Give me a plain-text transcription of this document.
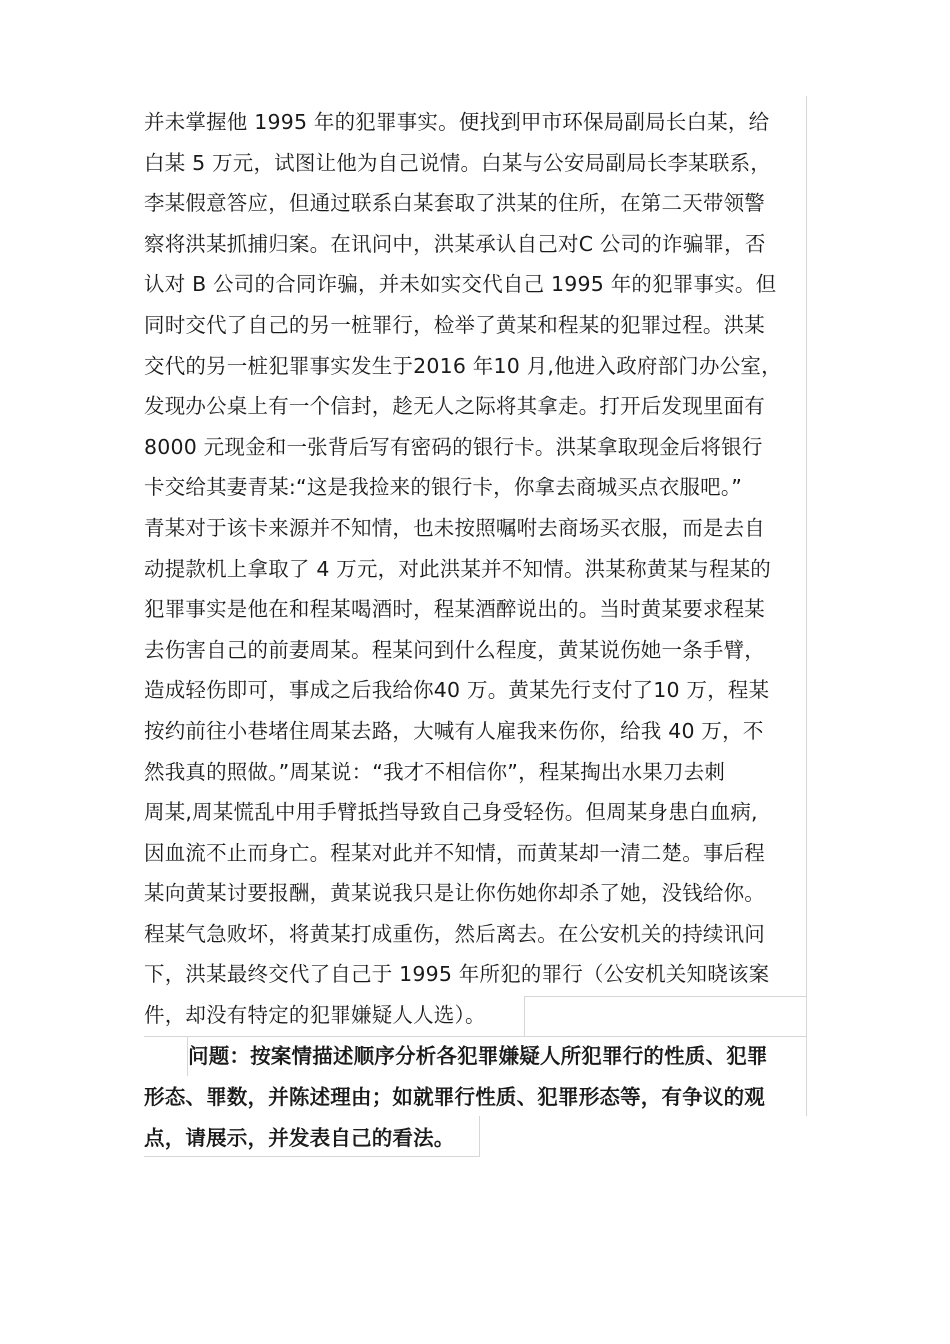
并未掌握他 1995 年的犯罪事实。便找到甲市环保局副局长白某，给
白某 5 万元，试图让他为自己说情。白某与公安局副局长李某联系，
李某假意答应，但通过联系白某套取了洪某的住所，在第二天带领警
察将洪某抓捕归案。在讯问中，洪某承认自己对C 公司的诈骗罪，否
认对 B 公司的合同诈骗，并未如实交代自己 1995 年的犯罪事实。但
同时交代了自己的另一桩罪行，检举了黄某和程某的犯罪过程。洪某
交代的另一桩犯罪事实发生于2016 年10 月,他进入政府部门办公室，
发现办公桌上有一个信封，趁无人之际将其拿走。打开后发现里面有
8000 元现金和一张背后写有密码的银行卡。洪某拿取现金后将银行
卡交给其妻青某:“这是我捡来的银行卡，你拿去商城买点衣服吧。”
青某对于该卡来源并不知情，也未按照嘱咐去商场买衣服，而是去自
动提款机上拿取了 4 万元，对此洪某并不知情。洪某称黄某与程某的
犯罪事实是他在和程某喝酒时，程某酒醉说出的。当时黄某要求程某
去伤害自己的前妻周某。程某问到什么程度，黄某说伤她一条手臂，
造成轻伤即可，事成之后我给你40 万。黄某先行支付了10 万，程某
按约前往小巷堵住周某去路，大喊有人雇我来伤你，给我 40 万，不
然我真的照做。”周某说：“我才不相信你”，程某掏出水果刀去刺
周某,周某慌乱中用手臂抵挡导致自己身受轻伤。但周某身患白血病,
因血流不止而身亡。程某对此并不知情，而黄某却一清二楚。事后程
某向黄某讨要报酬，黄某说我只是让你伤她你却杀了她，没钱给你。
程某气急败坏，将黄某打成重伤，然后离去。在公安机关的持续讯问
下，洪某最终交代了自己于 1995 年所犯的罪行（公安机关知晓该案
件，却没有特定的犯罪嫌疑人人选）。
问题：按案情描述顺序分析各犯罪嫌疑人所犯罪行的性质、犯罪
形态、罪数，并陈述理由；如就罪行性质、犯罪形态等，有争议的观
点，请展示，并发表自己的看法。
